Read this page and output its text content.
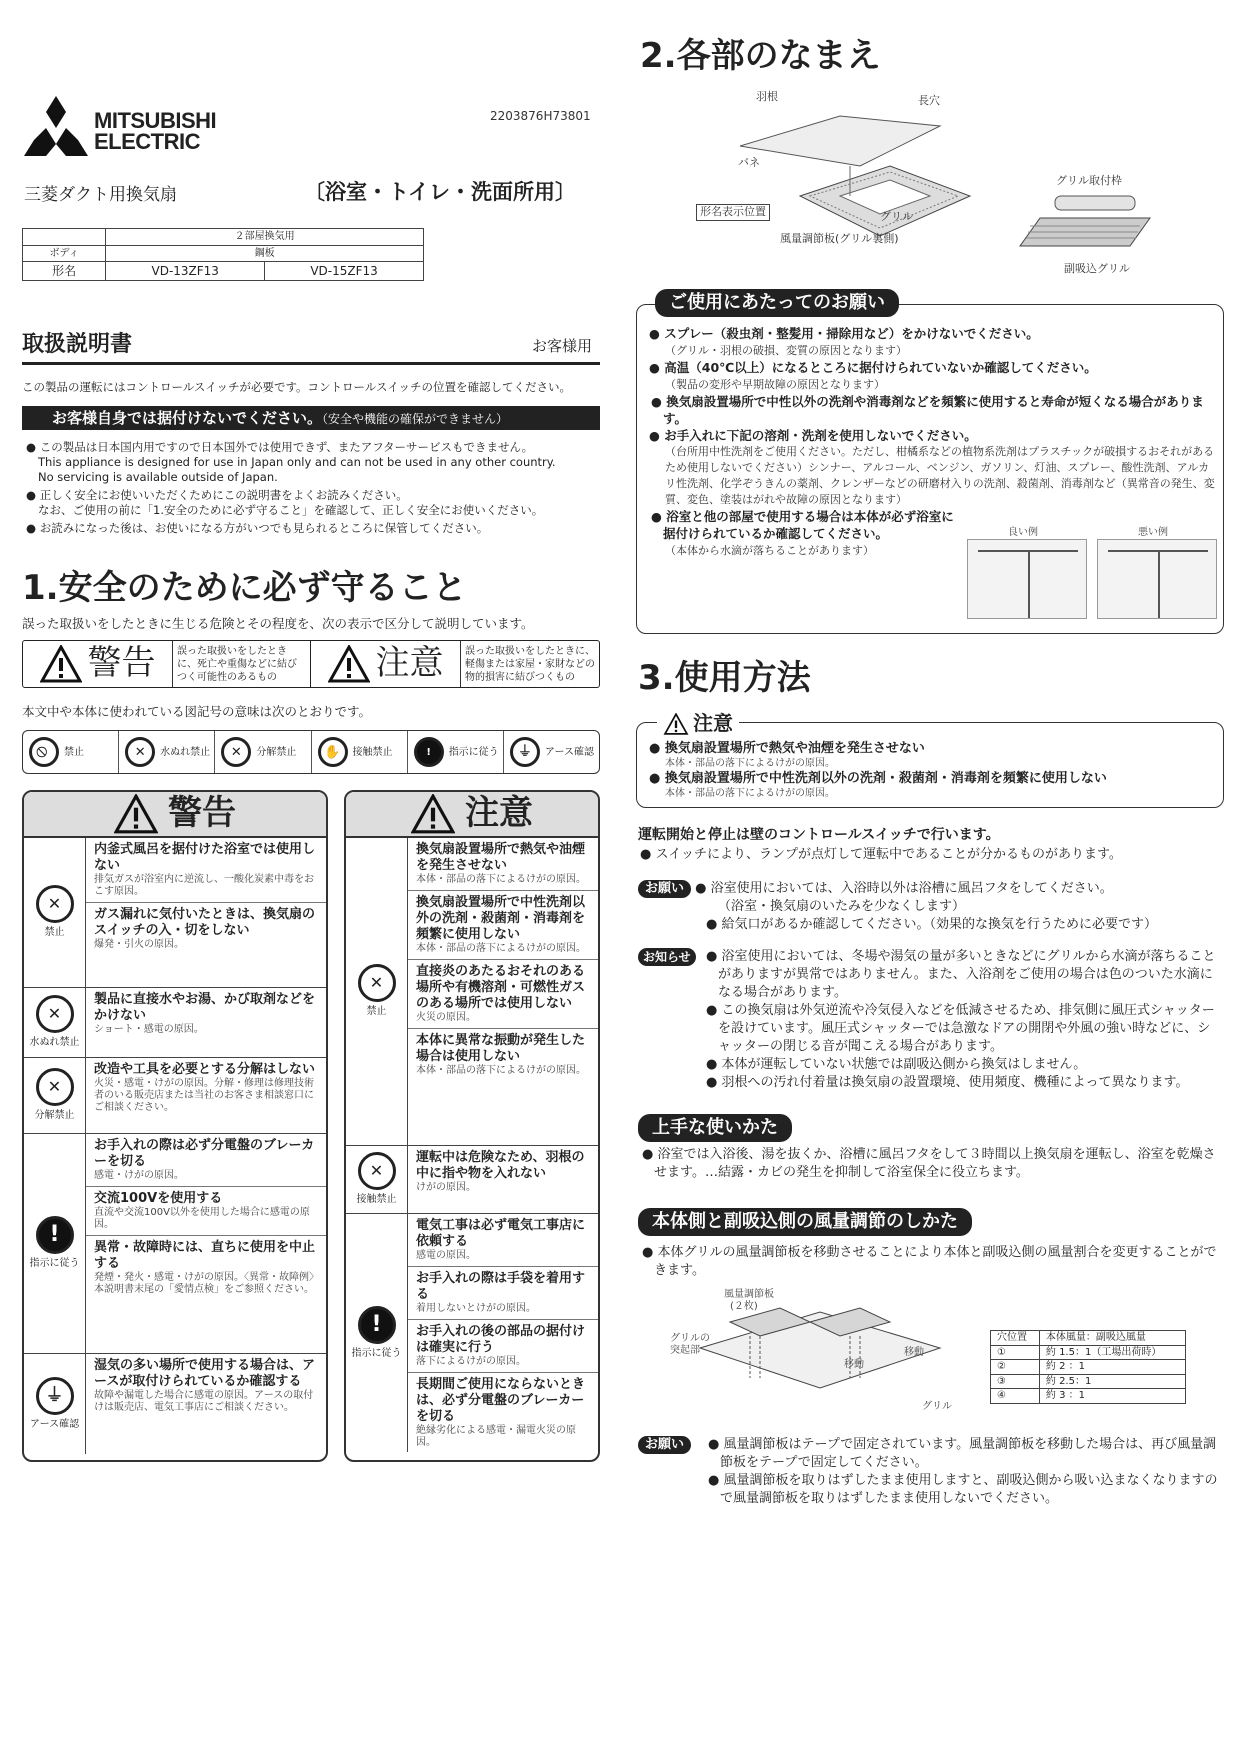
MITSUBISHI
ELECTRIC
2203876H73801
三菱ダクト用換気扇	〔浴室・トイレ・洗面所用〕
	２部屋換気用	
ボディ	鋼板	
形名	VD-13ZF13	VD-15ZF13
取扱説明書	お客様用
この製品の運転にはコントロールスイッチが必要です。コントロールスイッチの位置を確認してください。
お客様自身では据付けないでください。（安全や機能の確保ができません）
● この製品は日本国内用ですので日本国外では使用できず、またアフターサービスもできません。
This appliance is designed for use in Japan only and can not be used in any other country.
No servicing is available outside of Japan.
● 正しく安全にお使いいただくためにこの説明書をよくお読みください。
なお、ご使用の前に「1.安全のために必ず守ること」を確認して、正しく安全にお使いください。
● お読みになった後は、お使いになる方がいつでも見られるところに保管してください。
1.安全のために必ず守ること
誤った取扱いをしたときに生じる危険とその程度を、次の表示で区分して説明しています。
警告	誤った取扱いをしたときに、死亡や重傷などに結びつく可能性のあるもの	注意	誤った取扱いをしたときに、軽傷または家屋・家財などの物的損害に結びつくもの
本文中や本体に使われている図記号の意味は次のとおりです。
禁止	✕	水ぬれ禁止	✕	分解禁止	✋	接触禁止	!	指示に従う	⏚	アース確認
警告
✕
禁止
内釜式風呂を据付けた浴室では使用しない
排気ガスが浴室内に逆流し、一酸化炭素中毒をおこす原因。
ガス漏れに気付いたときは、換気扇のスイッチの入・切をしない
爆発・引火の原因。
✕
水ぬれ禁止
製品に直接水やお湯、かび取剤などをかけない
ショート・感電の原因。
✕
分解禁止
改造や工具を必要とする分解はしない
火災・感電・けがの原因。分解・修理は修理技術者のいる販売店または当社のお客さま相談窓口にご相談ください。
!
指示に従う
お手入れの際は必ず分電盤のブレーカーを切る
感電・けがの原因。
交流100Vを使用する
直流や交流100V以外を使用した場合に感電の原因。
異常・故障時には、直ちに使用を中止する
発煙・発火・感電・けがの原因。〈異常・故障例〉本説明書末尾の「愛情点検」をご参照ください。
⏚
アース確認
湿気の多い場所で使用する場合は、アースが取付けられているか確認する
故障や漏電した場合に感電の原因。アースの取付けは販売店、電気工事店にご相談ください。
注意
✕
禁止
換気扇設置場所で熱気や油煙を発生させない
本体・部品の落下によるけがの原因。
換気扇設置場所で中性洗剤以外の洗剤・殺菌剤・消毒剤を頻繁に使用しない
本体・部品の落下によるけがの原因。
直接炎のあたるおそれのある場所や有機溶剤・可燃性ガスのある場所では使用しない
火災の原因。
本体に異常な振動が発生した場合は使用しない
本体・部品の落下によるけがの原因。
✕
接触禁止
運転中は危険なため、羽根の中に指や物を入れない
けがの原因。
!
指示に従う
電気工事は必ず電気工事店に依頼する
感電の原因。
お手入れの際は手袋を着用する
着用しないとけがの原因。
お手入れの後の部品の据付けは確実に行う
落下によるけがの原因。
長期間ご使用にならないときは、必ず分電盤のブレーカーを切る
絶縁劣化による感電・漏電火災の原因。
2.各部のなまえ
羽根	長穴
バネ
形名表示位置	グリル
風量調節板(グリル裏側)
グリル取付枠
副吸込グリル
ご使用にあたってのお願い
● スプレー（殺虫剤・整髪用・掃除用など）をかけないでください。
（グリル・羽根の破損、変質の原因となります）
● 高温（40℃以上）になるところに据付けられていないか確認してください。
（製品の変形や早期故障の原因となります）
● 換気扇設置場所で中性以外の洗剤や消毒剤などを頻繁に使用すると寿命が短くなる場合があります。
● お手入れに下記の溶剤・洗剤を使用しないでください。
（台所用中性洗剤をご使用ください。ただし、柑橘系などの植物系洗剤はプラスチックが破損するおそれがあるため使用しないでください）シンナー、アルコール、ベンジン、ガソリン、灯油、スプレー、酸性洗剤、アルカリ性洗剤、化学ぞうきんの薬剤、クレンザーなどの研磨材入りの洗剤、殺菌剤、消毒剤など（異常音の発生、変質、変色、塗装はがれや故障の原因となります）
● 浴室と他の部屋で使用する場合は本体が必ず浴室に据付けられているか確認してください。
（本体から水滴が落ちることがあります）
良い例	悪い例
3.使用方法
注意
● 換気扇設置場所で熱気や油煙を発生させない
本体・部品の落下によるけがの原因。
● 換気扇設置場所で中性洗剤以外の洗剤・殺菌剤・消毒剤を頻繁に使用しない
本体・部品の落下によるけがの原因。
運転開始と停止は壁のコントロールスイッチで行います。
● スイッチにより、ランプが点灯して運転中であることが分かるものがあります。
お願い ● 浴室使用においては、入浴時以外は浴槽に風呂フタをしてください。
（浴室・換気扇のいたみを少なくします）
● 給気口があるか確認してください。（効果的な換気を行うために必要です）
お知らせ	● 浴室使用においては、冬場や湯気の量が多いときなどにグリルから水滴が落ちることがありますが異常ではありません。また、入浴剤をご使用の場合は色のついた水滴になる場合があります。
● この換気扇は外気逆流や冷気侵入などを低減させるため、排気側に風圧式シャッターを設けています。風圧式シャッターでは急激なドアの開閉や外風の強い時などに、シャッターの閉じる音が聞こえる場合があります。
● 本体が運転していない状態では副吸込側から換気はしません。
● 羽根への汚れ付着量は換気扇の設置環境、使用頻度、機種によって異なります。
上手な使いかた
● 浴室では入浴後、湯を抜くか、浴槽に風呂フタをして３時間以上換気扇を運転し、浴室を乾燥させます。…結露・カビの発生を抑制して浴室保全に役立ちます。
本体側と副吸込側の風量調節のしかた
● 本体グリルの風量調節板を移動させることにより本体と副吸込側の風量割合を変更することができます。
風量調節板
(２枚)
グリルの
突起部
グリル
移動
移動
穴位置	本体風量：副吸込風量
①	約 1.5：1（工場出荷時）
②	約 2 ：1
③	約 2.5：1
④	約 3 ：1
お願い	● 風量調節板はテープで固定されています。風量調節板を移動した場合は、再び風量調節板をテープで固定してください。
● 風量調節板を取りはずしたまま使用しますと、副吸込側から吸い込まなくなりますので風量調節板を取りはずしたまま使用しないでください。
